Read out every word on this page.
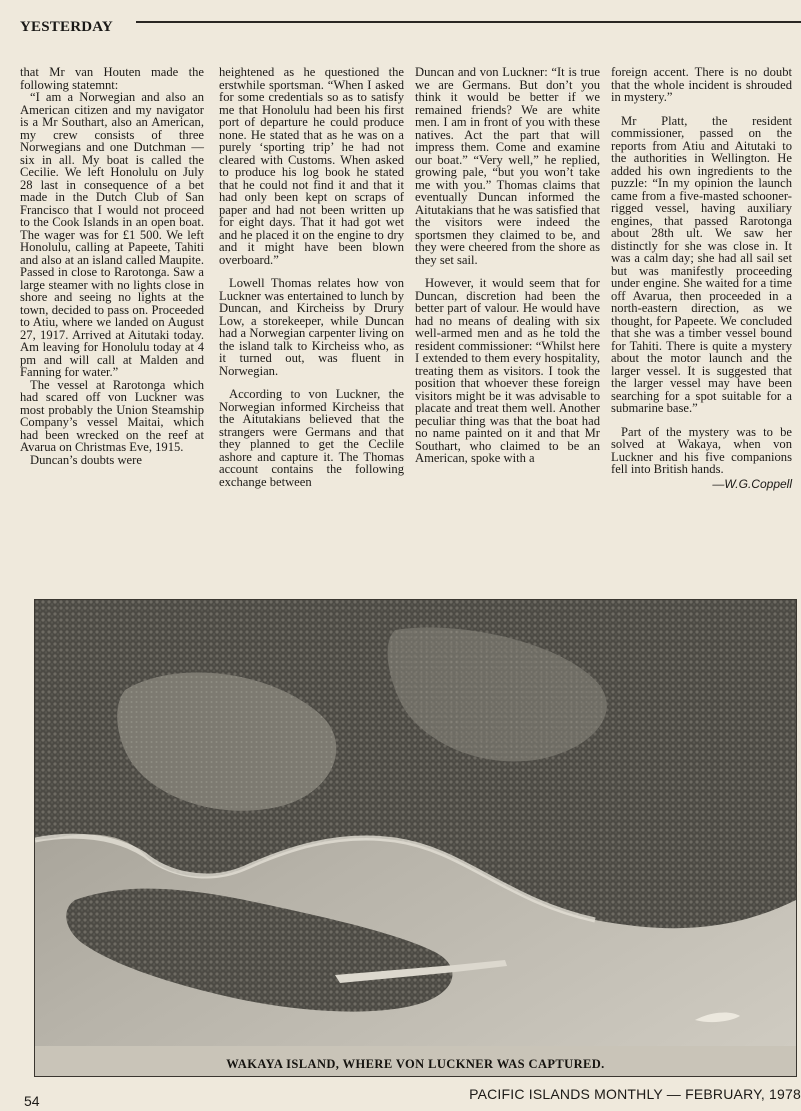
YESTERDAY

that Mr van Houten made the following statemnt:

“I am a Norwegian and also an American citizen and my navigator is a Mr Southart, also an American, my crew consists of three Norwegians and one Dutchman — six in all. My boat is called the Cecilie. We left Honolulu on July 28 last in consequence of a bet made in the Dutch Club of San Francisco that I would not proceed to the Cook Islands in an open boat. The wager was for £1 500. We left Honolulu, calling at Papeete, Tahiti and also at an island called Maupite. Passed in close to Rarotonga. Saw a large steamer with no lights close in shore and seeing no lights at the town, decided to pass on. Proceeded to Atiu, where we landed on August 27, 1917. Arrived at Aitutaki today. Am leaving for Honolulu today at 4 pm and will call at Malden and Fanning for water.”

The vessel at Rarotonga which had scared off von Luckner was most probably the Union Steamship Company’s vessel Maitai, which had been wrecked on the reef at Avarua on Christmas Eve, 1915.

Duncan’s doubts were

heightened as he questioned the erstwhile sportsman. “When I asked for some credentials so as to satisfy me that Honolulu had been his first port of departure he could produce none. He stated that as he was on a purely ‘sporting trip’ he had not cleared with Customs. When asked to produce his log book he stated that he could not find it and that it had only been kept on scraps of paper and had not been written up for eight days. That it had got wet and he placed it on the engine to dry and it might have been blown overboard.”

Lowell Thomas relates how von Luckner was entertained to lunch by Duncan, and Kircheiss by Drury Low, a storekeeper, while Duncan had a Norwegian carpenter living on the island talk to Kircheiss who, as it turned out, was fluent in Norwegian.

According to von Luckner, the Norwegian informed Kircheiss that the Aitutakians believed that the strangers were Germans and that they planned to get the Ceclile ashore and capture it. The Thomas account contains the following exchange between

Duncan and von Luckner: “It is true we are Germans. But don’t you think it would be better if we remained friends? We are white men. I am in front of you with these natives. Act the part that will impress them. Come and examine our boat.” “Very well,” he replied, growing pale, “but you won’t take me with you.” Thomas claims that eventually Duncan informed the Aitutakians that he was satisfied that the visitors were indeed the sportsmen they claimed to be, and they were cheered from the shore as they set sail.

However, it would seem that for Duncan, discretion had been the better part of valour. He would have had no means of dealing with six well-armed men and as he told the resident commissioner: “Whilst here I extended to them every hospitality, treating them as visitors. I took the position that whoever these foreign visitors might be it was advisable to placate and treat them well. Another peculiar thing was that the boat had no name painted on it and that Mr Southart, who claimed to be an American, spoke with a

foreign accent. There is no doubt that the whole incident is shrouded in mystery.”

Mr Platt, the resident commissioner, passed on the reports from Atiu and Aitutaki to the authorities in Wellington. He added his own ingredients to the puzzle: “In my opinion the launch came from a five-masted schooner-rigged vessel, having auxiliary engines, that passed Rarotonga about 28th ult. We saw her distinctly for she was close in. It was a calm day; she had all sail set but was manifestly proceeding under engine. She waited for a time off Avarua, then proceeded in a north-eastern direction, as we thought, for Papeete. We concluded that she was a timber vessel bound for Tahiti. There is quite a mystery about the motor launch and the larger vessel. It is suggested that the larger vessel may have been searching for a spot suitable for a submarine base.”

Part of the mystery was to be solved at Wakaya, when von Luckner and his five companions fell into British hands.

—W.G.Coppell
WAKAYA ISLAND, WHERE VON LUCKNER WAS CAPTURED.
54	PACIFIC ISLANDS MONTHLY — FEBRUARY, 1978
